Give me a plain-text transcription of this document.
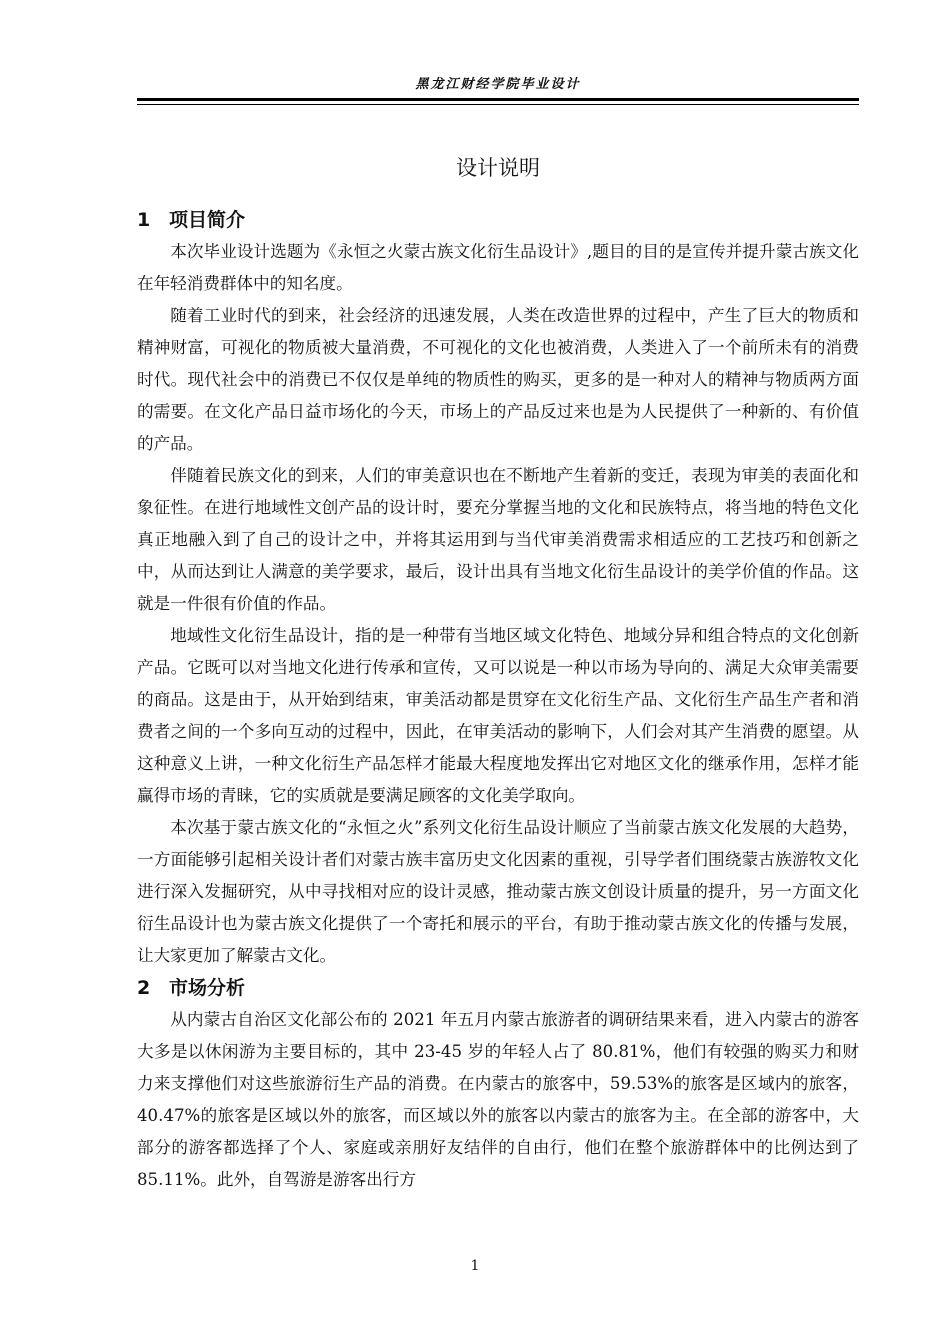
黑龙江财经学院毕业设计
设计说明
1 项目简介

本次毕业设计选题为《永恒之火蒙古族文化衍生品设计》,题目的目的是宣传并提升蒙古族文化在年轻消费群体中的知名度。

随着工业时代的到来，社会经济的迅速发展，人类在改造世界的过程中，产生了巨大的物质和精神财富，可视化的物质被大量消费，不可视化的文化也被消费，人类进入了一个前所未有的消费时代。现代社会中的消费已不仅仅是单纯的物质性的购买，更多的是一种对人的精神与物质两方面的需要。在文化产品日益市场化的今天，市场上的产品反过来也是为人民提供了一种新的、有价值的产品。

伴随着民族文化的到来，人们的审美意识也在不断地产生着新的变迁，表现为审美的表面化和象征性。在进行地域性文创产品的设计时，要充分掌握当地的文化和民族特点，将当地的特色文化真正地融入到了自己的设计之中，并将其运用到与当代审美消费需求相适应的工艺技巧和创新之中，从而达到让人满意的美学要求，最后，设计出具有当地文化衍生品设计的美学价值的作品。这就是一件很有价值的作品。

地域性文化衍生品设计，指的是一种带有当地区域文化特色、地域分异和组合特点的文化创新产品。它既可以对当地文化进行传承和宣传，又可以说是一种以市场为导向的、满足大众审美需要的商品。这是由于，从开始到结束，审美活动都是贯穿在文化衍生产品、文化衍生产品生产者和消费者之间的一个多向互动的过程中，因此，在审美活动的影响下，人们会对其产生消费的愿望。从这种意义上讲，一种文化衍生产品怎样才能最大程度地发挥出它对地区文化的继承作用，怎样才能赢得市场的青睐，它的实质就是要满足顾客的文化美学取向。

本次基于蒙古族文化的“永恒之火”系列文化衍生品设计顺应了当前蒙古族文化发展的大趋势，一方面能够引起相关设计者们对蒙古族丰富历史文化因素的重视，引导学者们围绕蒙古族游牧文化进行深入发掘研究，从中寻找相对应的设计灵感，推动蒙古族文创设计质量的提升，另一方面文化衍生品设计也为蒙古族文化提供了一个寄托和展示的平台，有助于推动蒙古族文化的传播与发展，让大家更加了解蒙古文化。

2 市场分析

从内蒙古自治区文化部公布的 2021 年五月内蒙古旅游者的调研结果来看，进入内蒙古的游客大多是以休闲游为主要目标的，其中 23-45 岁的年轻人占了 80.81%，他们有较强的购买力和财力来支撑他们对这些旅游衍生产品的消费。在内蒙古的旅客中，59.53%的旅客是区域内的旅客，40.47%的旅客是区域以外的旅客，而区域以外的旅客以内蒙古的旅客为主。在全部的游客中，大部分的游客都选择了个人、家庭或亲朋好友结伴的自由行，他们在整个旅游群体中的比例达到了 85.11%。此外，自驾游是游客出行方

1
